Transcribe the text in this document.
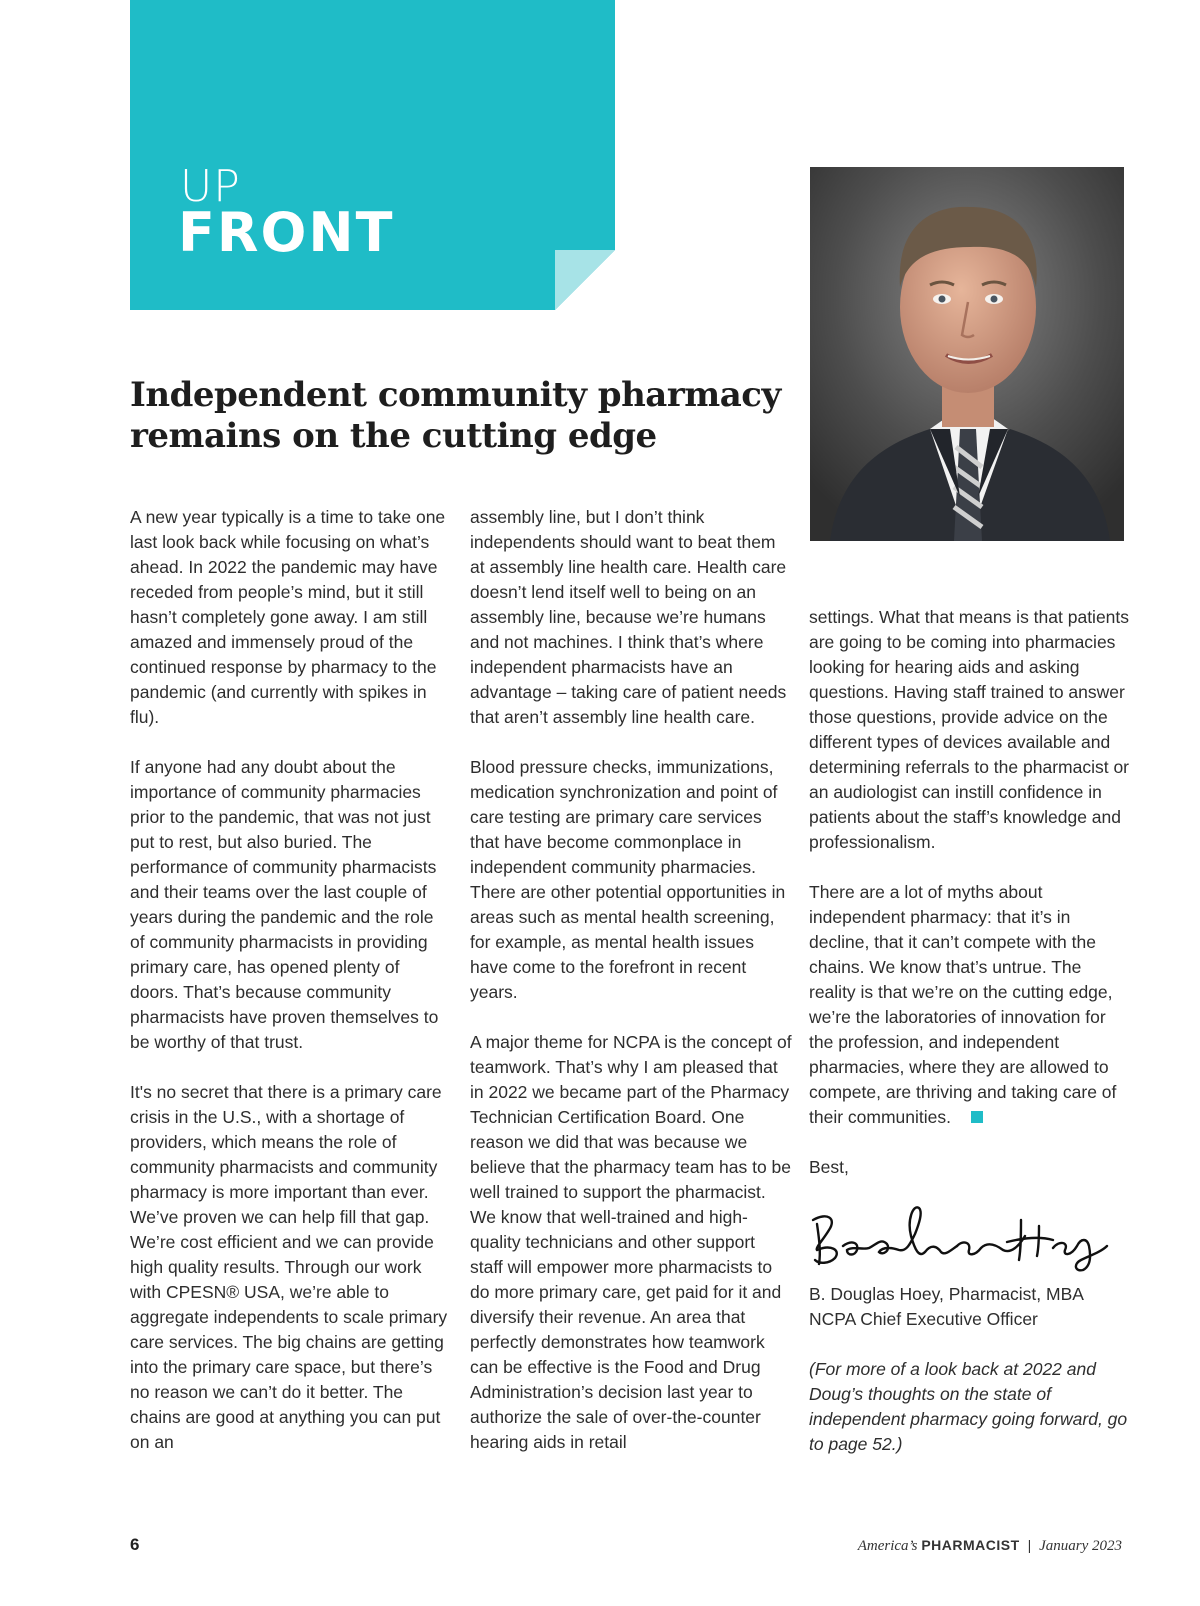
UP
FRONT
Independent community pharmacy remains on the cutting edge

A new year typically is a time to take one last look back while focusing on what’s ahead. In 2022 the pandemic may have receded from people’s mind, but it still hasn’t completely gone away. I am still amazed and immensely proud of the continued response by pharmacy to the pandemic (and currently with spikes in flu).

If anyone had any doubt about the importance of community pharmacies prior to the pandemic, that was not just put to rest, but also buried. The performance of community pharmacists and their teams over the last couple of years during the pandemic and the role of community pharmacists in providing primary care, has opened plenty of doors. That’s because community pharmacists have proven themselves to be worthy of that trust.

It's no secret that there is a primary care crisis in the U.S., with a shortage of providers, which means the role of community pharmacists and community pharmacy is more important than ever. We’ve proven we can help fill that gap. We’re cost efficient and we can provide high quality results. Through our work with CPESN® USA, we’re able to aggregate independents to scale primary care services. The big chains are getting into the primary care space, but there’s no reason we can’t do it better. The chains are good at anything you can put on an

assembly line, but I don’t think independents should want to beat them at assembly line health care. Health care doesn’t lend itself well to being on an assembly line, because we’re humans and not machines. I think that’s where independent pharmacists have an advantage – taking care of patient needs that aren’t assembly line health care.

Blood pressure checks, immunizations, medication synchronization and point of care testing are primary care services that have become commonplace in independent community pharmacies. There are other potential opportunities in areas such as mental health screening, for example, as mental health issues have come to the forefront in recent years.

A major theme for NCPA is the concept of teamwork. That’s why I am pleased that in 2022 we became part of the Pharmacy Technician Certification Board. One reason we did that was because we believe that the pharmacy team has to be well trained to support the pharmacist. We know that well-trained and high-quality technicians and other support staff will empower more pharmacists to do more primary care, get paid for it and diversify their revenue. An area that perfectly demonstrates how teamwork can be effective is the Food and Drug Administration’s decision last year to authorize the sale of over-the-counter hearing aids in retail

settings. What that means is that patients are going to be coming into pharmacies looking for hearing aids and asking questions. Having staff trained to answer those questions, provide advice on the different types of devices available and determining referrals to the pharmacist or an audiologist can instill confidence in patients about the staff’s knowledge and professionalism.

There are a lot of myths about independent pharmacy: that it’s in decline, that it can’t compete with the chains. We know that’s untrue. The reality is that we’re on the cutting edge, we’re the laboratories of innovation for the profession, and independent pharmacies, where they are allowed to compete, are thriving and taking care of their communities.

Best,

B. Douglas Hoey, Pharmacist, MBA
NCPA Chief Executive Officer

(For more of a look back at 2022 and Doug’s thoughts on the state of independent pharmacy going forward, go to page 52.)

6	America’s PHARMACIST | January 2023
